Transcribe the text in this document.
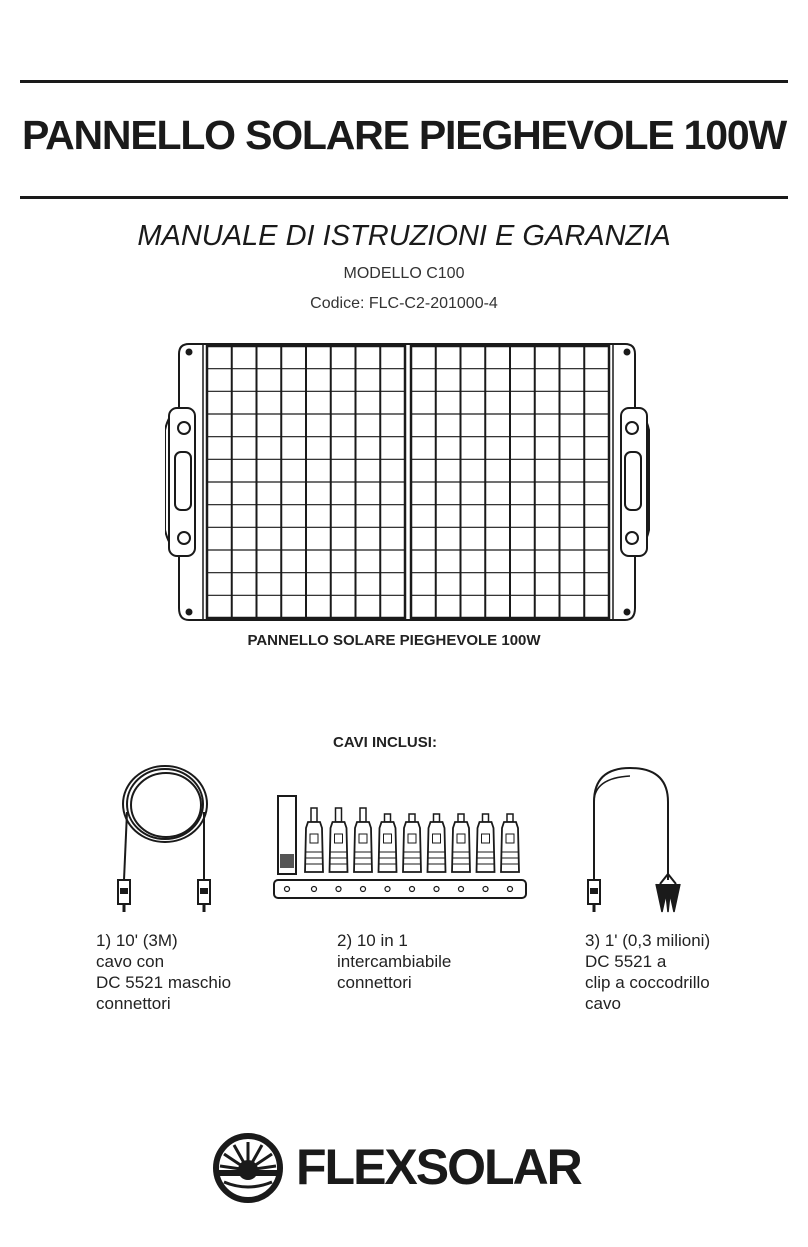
PANNELLO SOLARE PIEGHEVOLE 100W
MANUALE DI ISTRUZIONI E GARANZIA
MODELLO C100
Codice: FLC-C2-201000-4
PANNELLO SOLARE PIEGHEVOLE 100W
CAVI INCLUSI:
1) 10' (3M)
cavo con
DC 5521 maschio
connettori
2) 10 in 1
intercambiabile
connettori
3) 1' (0,3 milioni)
DC 5521 a
clip a coccodrillo
cavo
FLEXSOLAR
